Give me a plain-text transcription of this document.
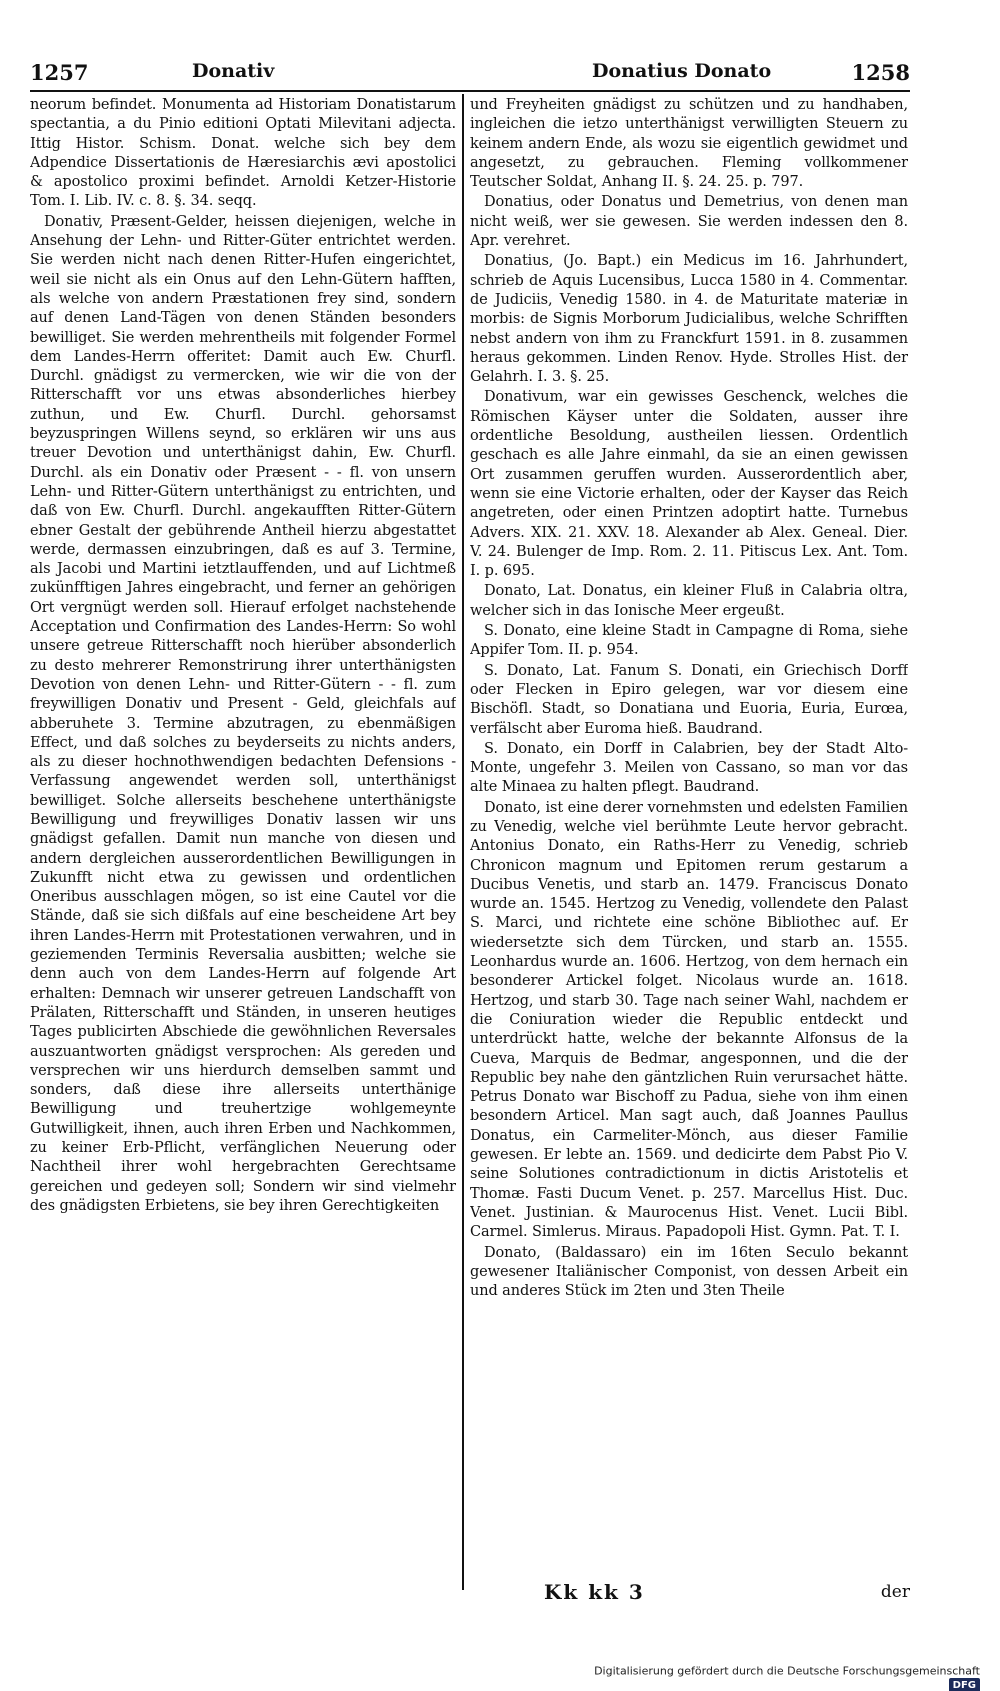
1257	Donativ	Donatius Donato	1258

neorum befindet. Monumenta ad Historiam Donatistarum spectantia, a du Pinio editioni Optati Milevitani adjecta. Ittig Histor. Schism. Donat. welche sich bey dem Adpendice Dissertationis de Hæresiarchis ævi apostolici & apostolico proximi befindet. Arnoldi Ketzer-Historie Tom. I. Lib. IV. c. 8. §. 34. seqq.

Donativ, Præsent-Gelder, heissen diejenigen, welche in Ansehung der Lehn- und Ritter-Güter entrichtet werden. Sie werden nicht nach denen Ritter-Hufen eingerichtet, weil sie nicht als ein Onus auf den Lehn-Gütern hafften, als welche von andern Præstationen frey sind, sondern auf denen Land-Tägen von denen Ständen besonders bewilliget. Sie werden mehrentheils mit folgender Formel dem Landes-Herrn offeritet: Damit auch Ew. Churfl. Durchl. gnädigst zu vermercken, wie wir die von der Ritterschafft vor uns etwas absonderliches hierbey zuthun, und Ew. Churfl. Durchl. gehorsamst beyzuspringen Willens seynd, so erklären wir uns aus treuer Devotion und unterthänigst dahin, Ew. Churfl. Durchl. als ein Donativ oder Præsent - - fl. von unsern Lehn- und Ritter-Gütern unterthänigst zu entrichten, und daß von Ew. Churfl. Durchl. angekaufften Ritter-Gütern ebner Gestalt der gebührende Antheil hierzu abgestattet werde, dermassen einzubringen, daß es auf 3. Termine, als Jacobi und Martini ietztlauffenden, und auf Lichtmeß zukünfftigen Jahres eingebracht, und ferner an gehörigen Ort vergnügt werden soll. Hierauf erfolget nachstehende Acceptation und Confirmation des Landes-Herrn: So wohl unsere getreue Ritterschafft noch hierüber absonderlich zu desto mehrerer Remonstrirung ihrer unterthänigsten Devotion von denen Lehn- und Ritter-Gütern - - fl. zum freywilligen Donativ und Present - Geld, gleichfals auf abberuhete 3. Termine abzutragen, zu ebenmäßigen Effect, und daß solches zu beyderseits zu nichts anders, als zu dieser hochnothwendigen bedachten Defensions - Verfassung angewendet werden soll, unterthänigst bewilliget. Solche allerseits beschehene unterthänigste Bewilligung und freywilliges Donativ lassen wir uns gnädigst gefallen. Damit nun manche von diesen und andern dergleichen ausserordentlichen Bewilligungen in Zukunfft nicht etwa zu gewissen und ordentlichen Oneribus ausschlagen mögen, so ist eine Cautel vor die Stände, daß sie sich dißfals auf eine bescheidene Art bey ihren Landes-Herrn mit Protestationen verwahren, und in geziemenden Terminis Reversalia ausbitten; welche sie denn auch von dem Landes-Herrn auf folgende Art erhalten: Demnach wir unserer getreuen Landschafft von Prälaten, Ritterschafft und Ständen, in unseren heutiges Tages publicirten Abschiede die gewöhnlichen Reversales auszuantworten gnädigst versprochen: Als gereden und versprechen wir uns hierdurch demselben sammt und sonders, daß diese ihre allerseits unterthänige Bewilligung und treuhertzige wohlgemeynte Gutwilligkeit, ihnen, auch ihren Erben und Nachkommen, zu keiner Erb-Pflicht, verfänglichen Neuerung oder Nachtheil ihrer wohl hergebrachten Gerechtsame gereichen und gedeyen soll; Sondern wir sind vielmehr des gnädigsten Erbietens, sie bey ihren Gerechtigkeiten

und Freyheiten gnädigst zu schützen und zu handhaben, ingleichen die ietzo unterthänigst verwilligten Steuern zu keinem andern Ende, als wozu sie eigentlich gewidmet und angesetzt, zu gebrauchen. Fleming vollkommener Teutscher Soldat, Anhang II. §. 24. 25. p. 797.

Donatius, oder Donatus und Demetrius, von denen man nicht weiß, wer sie gewesen. Sie werden indessen den 8. Apr. verehret.

Donatius, (Jo. Bapt.) ein Medicus im 16. Jahrhundert, schrieb de Aquis Lucensibus, Lucca 1580 in 4. Commentar. de Judiciis, Venedig 1580. in 4. de Maturitate materiæ in morbis: de Signis Morborum Judicialibus, welche Schrifften nebst andern von ihm zu Franckfurt 1591. in 8. zusammen heraus gekommen. Linden Renov. Hyde. Strolles Hist. der Gelahrh. I. 3. §. 25.

Donativum, war ein gewisses Geschenck, welches die Römischen Käyser unter die Soldaten, ausser ihre ordentliche Besoldung, austheilen liessen. Ordentlich geschach es alle Jahre einmahl, da sie an einen gewissen Ort zusammen geruffen wurden. Ausserordentlich aber, wenn sie eine Victorie erhalten, oder der Kayser das Reich angetreten, oder einen Printzen adoptirt hatte. Turnebus Advers. XIX. 21. XXV. 18. Alexander ab Alex. Geneal. Dier. V. 24. Bulenger de Imp. Rom. 2. 11. Pitiscus Lex. Ant. Tom. I. p. 695.

Donato, Lat. Donatus, ein kleiner Fluß in Calabria oltra, welcher sich in das Ionische Meer ergeußt.

S. Donato, eine kleine Stadt in Campagne di Roma, siehe Appifer Tom. II. p. 954.

S. Donato, Lat. Fanum S. Donati, ein Griechisch Dorff oder Flecken in Epiro gelegen, war vor diesem eine Bischöfl. Stadt, so Donatiana und Euoria, Euria, Eurœa, verfälscht aber Euroma hieß. Baudrand.

S. Donato, ein Dorff in Calabrien, bey der Stadt Alto-Monte, ungefehr 3. Meilen von Cassano, so man vor das alte Minaea zu halten pflegt. Baudrand.

Donato, ist eine derer vornehmsten und edelsten Familien zu Venedig, welche viel berühmte Leute hervor gebracht. Antonius Donato, ein Raths-Herr zu Venedig, schrieb Chronicon magnum und Epitomen rerum gestarum a Ducibus Venetis, und starb an. 1479. Franciscus Donato wurde an. 1545. Hertzog zu Venedig, vollendete den Palast S. Marci, und richtete eine schöne Bibliothec auf. Er wiedersetzte sich dem Türcken, und starb an. 1555. Leonhardus wurde an. 1606. Hertzog, von dem hernach ein besonderer Artickel folget. Nicolaus wurde an. 1618. Hertzog, und starb 30. Tage nach seiner Wahl, nachdem er die Coniuration wieder die Republic entdeckt und unterdrückt hatte, welche der bekannte Alfonsus de la Cueva, Marquis de Bedmar, angesponnen, und die der Republic bey nahe den gäntzlichen Ruin verursachet hätte. Petrus Donato war Bischoff zu Padua, siehe von ihm einen besondern Articel. Man sagt auch, daß Joannes Paullus Donatus, ein Carmeliter-Mönch, aus dieser Familie gewesen. Er lebte an. 1569. und dedicirte dem Pabst Pio V. seine Solutiones contradictionum in dictis Aristotelis et Thomæ. Fasti Ducum Venet. p. 257. Marcellus Hist. Duc. Venet. Justinian. & Maurocenus Hist. Venet. Lucii Bibl. Carmel. Simlerus. Miraus. Papadopoli Hist. Gymn. Pat. T. I.

Donato, (Baldassaro) ein im 16ten Seculo bekannt gewesener Italiänischer Componist, von dessen Arbeit ein und anderes Stück im 2ten und 3ten Theile

Kk kk 3	der
Digitalisierung gefördert durch die Deutsche Forschungsgemeinschaft DFG
